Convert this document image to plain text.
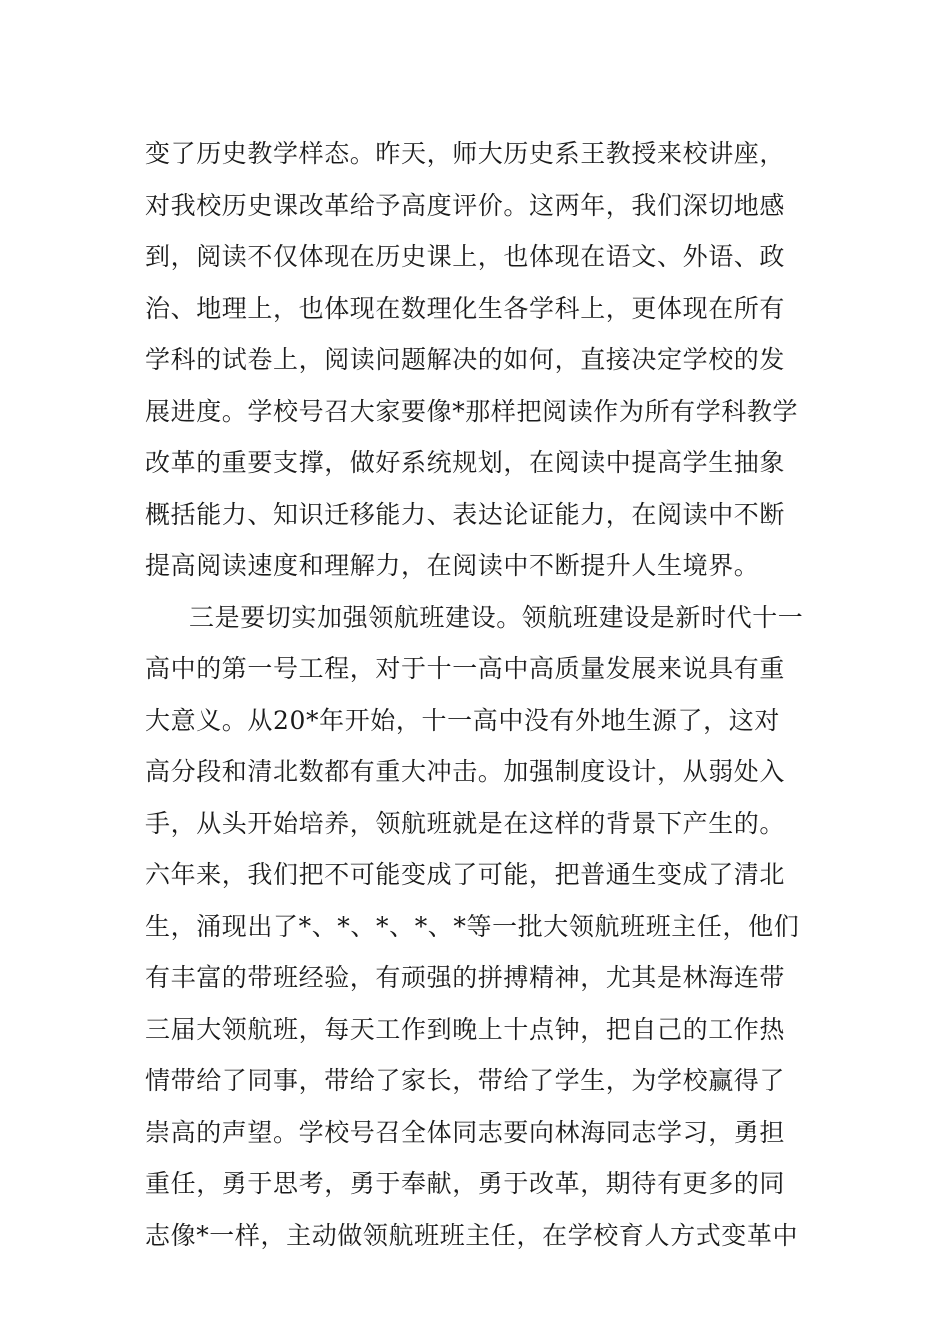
变了历史教学样态。昨天，师大历史系王教授来校讲座，
对我校历史课改革给予高度评价。这两年，我们深切地感
到，阅读不仅体现在历史课上，也体现在语文、外语、政
治、地理上，也体现在数理化生各学科上，更体现在所有
学科的试卷上，阅读问题解决的如何，直接决定学校的发
展进度。学校号召大家要像*那样把阅读作为所有学科教学
改革的重要支撑，做好系统规划，在阅读中提高学生抽象
概括能力、知识迁移能力、表达论证能力，在阅读中不断
提高阅读速度和理解力，在阅读中不断提升人生境界。
三是要切实加强领航班建设。领航班建设是新时代十一
高中的第一号工程，对于十一高中高质量发展来说具有重
大意义。从20*年开始，十一高中没有外地生源了，这对
高分段和清北数都有重大冲击。加强制度设计，从弱处入
手，从头开始培养，领航班就是在这样的背景下产生的。
六年来，我们把不可能变成了可能，把普通生变成了清北
生，涌现出了*、*、*、*、*等一批大领航班班主任，他们
有丰富的带班经验，有顽强的拼搏精神，尤其是林海连带
三届大领航班，每天工作到晚上十点钟，把自己的工作热
情带给了同事，带给了家长，带给了学生，为学校赢得了
崇高的声望。学校号召全体同志要向林海同志学习，勇担
重任，勇于思考，勇于奉献，勇于改革，期待有更多的同
志像*一样，主动做领航班班主任，在学校育人方式变革中
